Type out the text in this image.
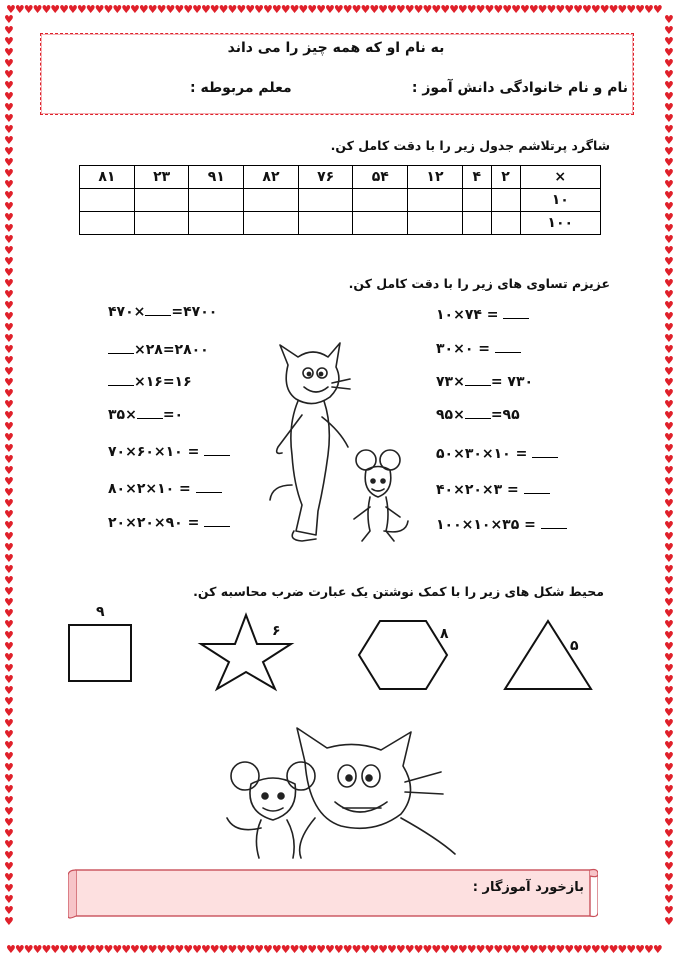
♥♥♥♥♥♥♥♥♥♥♥♥♥♥♥♥♥♥♥♥♥♥♥♥♥♥♥♥♥♥♥♥♥♥♥♥♥♥♥♥♥♥♥♥♥♥♥♥♥♥♥♥♥♥♥♥♥♥♥♥♥♥♥♥♥♥♥♥♥♥♥♥♥♥
♥♥♥♥♥♥♥♥♥♥♥♥♥♥♥♥♥♥♥♥♥♥♥♥♥♥♥♥♥♥♥♥♥♥♥♥♥♥♥♥♥♥♥♥♥♥♥♥♥♥♥♥♥♥♥♥♥♥♥♥♥♥♥♥♥♥♥♥♥♥♥♥♥♥
♥♥♥♥♥♥♥♥♥♥♥♥♥♥♥♥♥♥♥♥♥♥♥♥♥♥♥♥♥♥♥♥♥♥♥♥♥♥♥♥♥♥♥♥♥♥♥♥♥♥♥♥♥♥♥♥♥♥♥♥♥♥♥♥♥♥♥♥♥♥♥♥♥♥♥♥♥♥♥♥♥♥♥
♥♥♥♥♥♥♥♥♥♥♥♥♥♥♥♥♥♥♥♥♥♥♥♥♥♥♥♥♥♥♥♥♥♥♥♥♥♥♥♥♥♥♥♥♥♥♥♥♥♥♥♥♥♥♥♥♥♥♥♥♥♥♥♥♥♥♥♥♥♥♥♥♥♥♥♥♥♥♥♥♥♥♥
به نام او که همه چیز را می داند
نام و نام خانوادگی دانش آموز :
معلم مربوطه :
شاگرد پرتلاشم جدول زیر را با دقت کامل کن.
×	۲	۴	۱۲	۵۴	۷۶	۸۲	۹۱	۲۳	۸۱
۱۰									
۱۰۰									
عزیزم تساوی های زیر را با دقت کامل کن.
۴۷۰× =۴۷۰۰
×۲۸=۲۸۰۰
×۱۶=۱۶
۳۵× =۰
۷۰×۶۰×۱۰ =
۸۰×۲×۱۰ =
۲۰×۲۰×۹۰ =
۱۰×۷۴ =
۳۰×۰ =
۷۳× = ۷۳۰
۹۵× =۹۵
۵۰×۳۰×۱۰ =
۴۰×۲۰×۳ =
۱۰۰×۱۰×۳۵ =
محیط شکل های زیر را با کمک نوشتن یک عبارت ضرب محاسبه کن.
۹
۶	۸
۵
بازخورد آموزگار :
